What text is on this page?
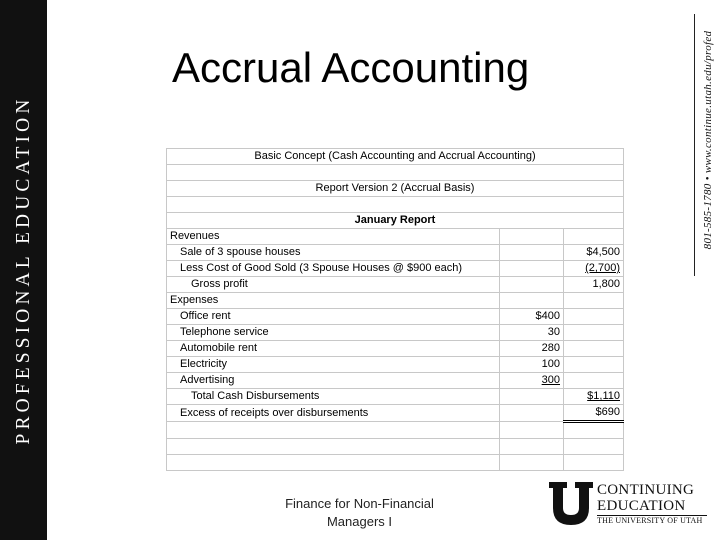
PROFESSIONAL EDUCATION	801-585-1780 • www.continue.utah.edu/profed
Accrual Accounting
Basic Concept (Cash Accounting and Accrual Accounting)		

Report Version 2 (Accrual Basis)		

January Report		
Revenues		
Sale of 3 spouse houses		$4,500
Less Cost of Good Sold (3 Spouse Houses @ $900 each)		(2,700)
Gross profit		1,800
Expenses		
Office rent	$400	
Telephone service	30	
Automobile rent	280	
Electricity	100	
Advertising	300	
Total Cash Disbursements		$1,110
Excess of receipts over disbursements		$690

Finance for Non-Financial
Managers I
CONTINUING
EDUCATION
THE UNIVERSITY OF UTAH
